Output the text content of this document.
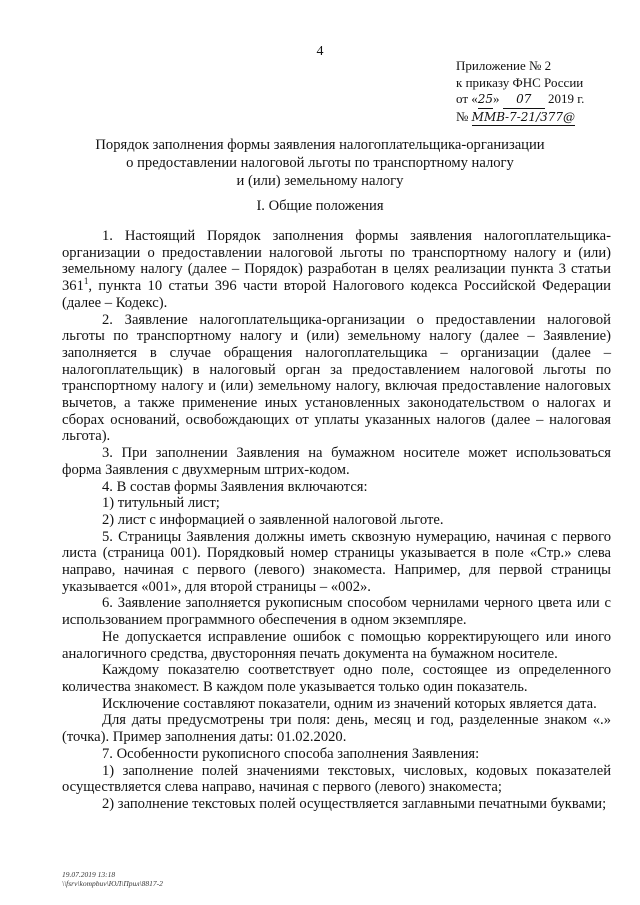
4
Приложение № 2
к приказу ФНС России
от «25» 07 2019 г.
№ ММВ-7-21/377@
Порядок заполнения формы заявления налогоплательщика-организации
о предоставлении налоговой льготы по транспортному налогу
и (или) земельному налогу
I. Общие положения

1. Настоящий Порядок заполнения формы заявления налогоплательщика-организации о предоставлении налоговой льготы по транспортному налогу и (или) земельному налогу (далее – Порядок) разработан в целях реализации пункта 3 статьи $361^1$, пункта 10 статьи 396 части второй Налогового кодекса Российской Федерации (далее – Кодекс).

2. Заявление налогоплательщика-организации о предоставлении налоговой льготы по транспортному налогу и (или) земельному налогу (далее – Заявление) заполняется в случае обращения налогоплательщика – организации (далее – налогоплательщик) в налоговый орган за предоставлением налоговой льготы по транспортному налогу и (или) земельному налогу, включая предоставление налоговых вычетов, а также применение иных установленных законодательством о налогах и сборах оснований, освобождающих от уплаты указанных налогов (далее – налоговая льгота).

3. При заполнении Заявления на бумажном носителе может использоваться форма Заявления с двухмерным штрих-кодом.

4. В состав формы Заявления включаются:

1) титульный лист;

2) лист с информацией о заявленной налоговой льготе.

5. Страницы Заявления должны иметь сквозную нумерацию, начиная с первого листа (страница 001). Порядковый номер страницы указывается в поле «Стр.» слева направо, начиная с первого (левого) знакоместа. Например, для первой страницы указывается «001», для второй страницы – «002».

6. Заявление заполняется рукописным способом чернилами черного цвета или с использованием программного обеспечения в одном экземпляре.

Не допускается исправление ошибок с помощью корректирующего или иного аналогичного средства, двусторонняя печать документа на бумажном носителе.

Каждому показателю соответствует одно поле, состоящее из определенного количества знакомест. В каждом поле указывается только один показатель.

Исключение составляют показатели, одним из значений которых является дата.

Для даты предусмотрены три поля: день, месяц и год, разделенные знаком «.» (точка). Пример заполнения даты: 01.02.2020.

7. Особенности рукописного способа заполнения Заявления:

1) заполнение полей значениями текстовых, числовых, кодовых показателей осуществляется слева направо, начиная с первого (левого) знакоместа;

2) заполнение текстовых полей осуществляется заглавными печатными буквами;

19.07.2019 13:18
\\fsrv\kompbuv\ЮЛ\Прил\8817-2
